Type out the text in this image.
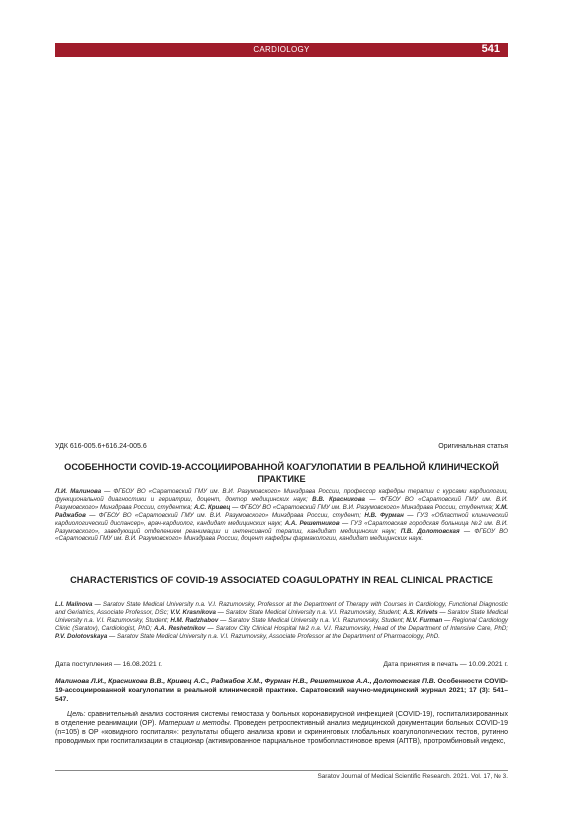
CARDIOLOGY	541
УДК 616-005.6+616.24-005.6	Оригинальная статья
ОСОБЕННОСТИ COVID-19-АССОЦИИРОВАННОЙ КОАГУЛОПАТИИ В РЕАЛЬНОЙ КЛИНИЧЕСКОЙ ПРАКТИКЕ
Л.И. Малинова — ФГБОУ ВО «Саратовский ГМУ им. В.И. Разумовского» Минздрава России, профессор кафедры терапии с курсами кардиологии, функциональной диагностики и гериатрии, доцент, доктор медицинских наук; В.В. Красникова — ФГБОУ ВО «Саратовский ГМУ им. В.И. Разумовского» Минздрава России, студентка; А.С. Кривец — ФГБОУ ВО «Саратовский ГМУ им. В.И. Разумовского» Минздрава России, студентка; Х.М. Раджабов — ФГБОУ ВО «Саратовский ГМУ им. В.И. Разумовского» Минздрава России, студент; Н.В. Фурман — ГУЗ «Областной клинический кардиологический диспансер», врач-кардиолог, кандидат медицинских наук; А.А. Решетников — ГУЗ «Саратовская городская больница №2 им. В.И. Разумовского», заведующий отделением реанимации и интенсивной терапии, кандидат медицинских наук; П.В. Долотовская — ФГБОУ ВО «Саратовский ГМУ им. В.И. Разумовского» Минздрава России, доцент кафедры фармакологии, кандидат медицинских наук.
CHARACTERISTICS OF COVID-19 ASSOCIATED COAGULOPATHY IN REAL CLINICAL PRACTICE
L.I. Malinova — Saratov State Medical University n.a. V.I. Razumovsky, Professor at the Department of Therapy with Courses in Cardiology, Functional Diagnostic and Geriatrics, Associate Professor, DSc; V.V. Krasnikova — Saratov State Medical University n.a. V.I. Razumovsky, Student; A.S. Krivets — Saratov State Medical University n.a. V.I. Razumovsky, Student; H.M. Radzhabov — Saratov State Medical University n.a. V.I. Razumovsky, Student; N.V. Furman — Regional Cardiology Clinic (Saratov), Cardiologist, PhD; A.A. Reshetnikov — Saratov City Clinical Hospital №2 n.a. V.I. Razumovsky, Head of the Department of Intensive Care, PhD; P.V. Dolotovskaya — Saratov State Medical University n.a. V.I. Razumovsky, Associate Professor at the Department of Pharmacology, PhD.
Дата поступления — 16.08.2021 г.	Дата принятия в печать — 10.09.2021 г.
Малинова Л.И., Красникова В.В., Кривец А.С., Раджабов Х.М., Фурман Н.В., Решетников А.А., Долотовская П.В. Особенности COVID-19-ассоциированной коагулопатии в реальной клинической практике. Саратовский научно-медицинский журнал 2021; 17 (3): 541–547.
Цель: сравнительный анализ состояния системы гемостаза у больных коронавирусной инфекцией (COVID-19), госпитализированных в отделение реанимации (ОР). Материал и методы. Проведен ретроспективный анализ медицинской документации больных COVID-19 (n=105) в ОР «ковидного госпиталя»: результаты общего анализа крови и скрининговых глобальных коагулологических тестов, рутинно проводимых при госпитализации в стационар (активированное парциальное тромбопластиновое время (АПТВ), протромбиновый индекс,
Saratov Journal of Medical Scientific Research. 2021. Vol. 17, № 3.
